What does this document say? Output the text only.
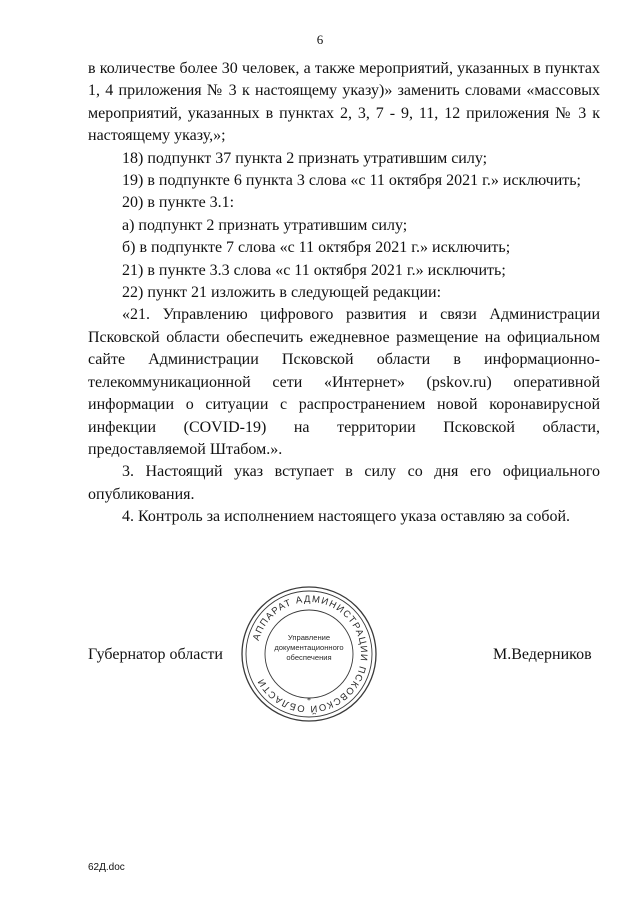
6

в количестве более 30 человек, а также мероприятий, указанных в пунктах 1, 4 приложения № 3 к настоящему указу)» заменить словами «массовых мероприятий, указанных в пунктах 2, 3, 7 - 9, 11, 12 приложения № 3 к настоящему указу,»;

18) подпункт 37 пункта 2 признать утратившим силу;

19) в подпункте 6 пункта 3 слова «с 11 октября 2021 г.» исключить;

20) в пункте 3.1:

а) подпункт 2 признать утратившим силу;

б) в подпункте 7 слова «с 11 октября 2021 г.» исключить;

21) в пункте 3.3 слова «с 11 октября 2021 г.» исключить;

22) пункт 21 изложить в следующей редакции:

«21. Управлению цифрового развития и связи Администрации Псковской области обеспечить ежедневное размещение на официальном сайте Администрации Псковской области в информационно-телекоммуникационной сети «Интернет» (pskov.ru) оперативной информации о ситуации с распространением новой коронавирусной инфекции (COVID-19) на территории Псковской области, предоставляемой Штабом.».

3. Настоящий указ вступает в силу со дня его официального опубликования.

4. Контроль за исполнением настоящего указа оставляю за собой.

Губернатор области
АППАРАТ АДМИНИСТРАЦИИ ПСКОВСКОЙ ОБЛАСТИ
*
Управление
документационного
обеспечения	М.Ведерников
62Д.doc
